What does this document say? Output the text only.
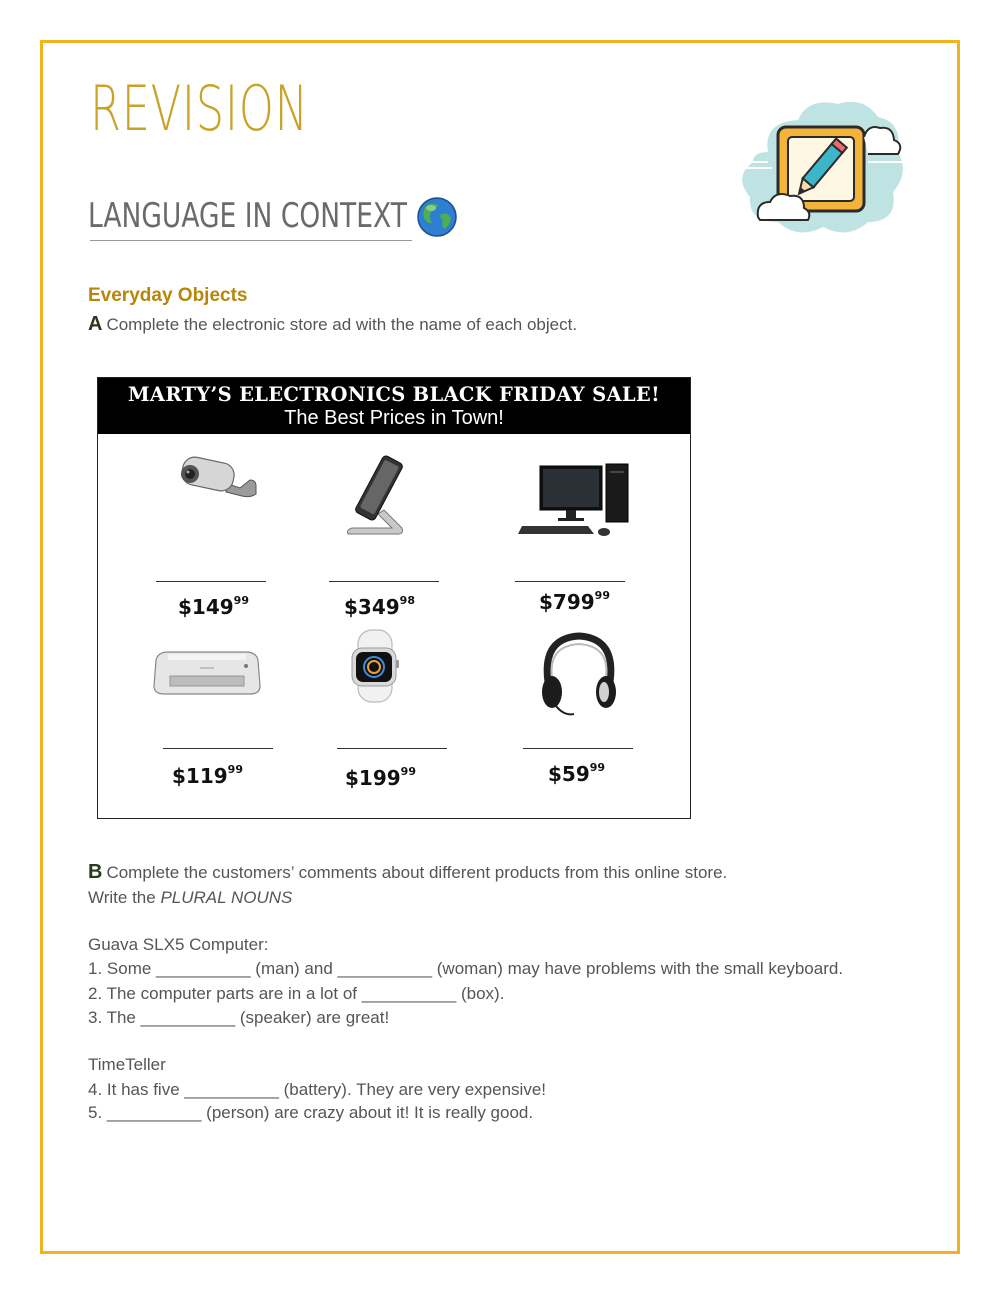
REVISION
LANGUAGE IN CONTEXT
Everyday Objects
A Complete the electronic store ad with the name of each object.
MARTY’S ELECTRONICS BLACK FRIDAY SALE!
The Best Prices in Town!
$\$149^{99}$	$\$349^{98}$	$\$799^{99}$
$\$119^{99}$	$\$199^{99}$	$\$59^{99}$
B Complete the customers’ comments about different products from this online store.
Write the PLURAL NOUNS
Guava SLX5 Computer:
1. Some __________ (man) and __________ (woman) may have problems with the small keyboard.
2. The computer parts are in a lot of __________ (box).
3. The __________ (speaker) are great!
TimeTeller
4. It has five __________ (battery). They are very expensive!
5. __________ (person) are crazy about it! It is really good.
